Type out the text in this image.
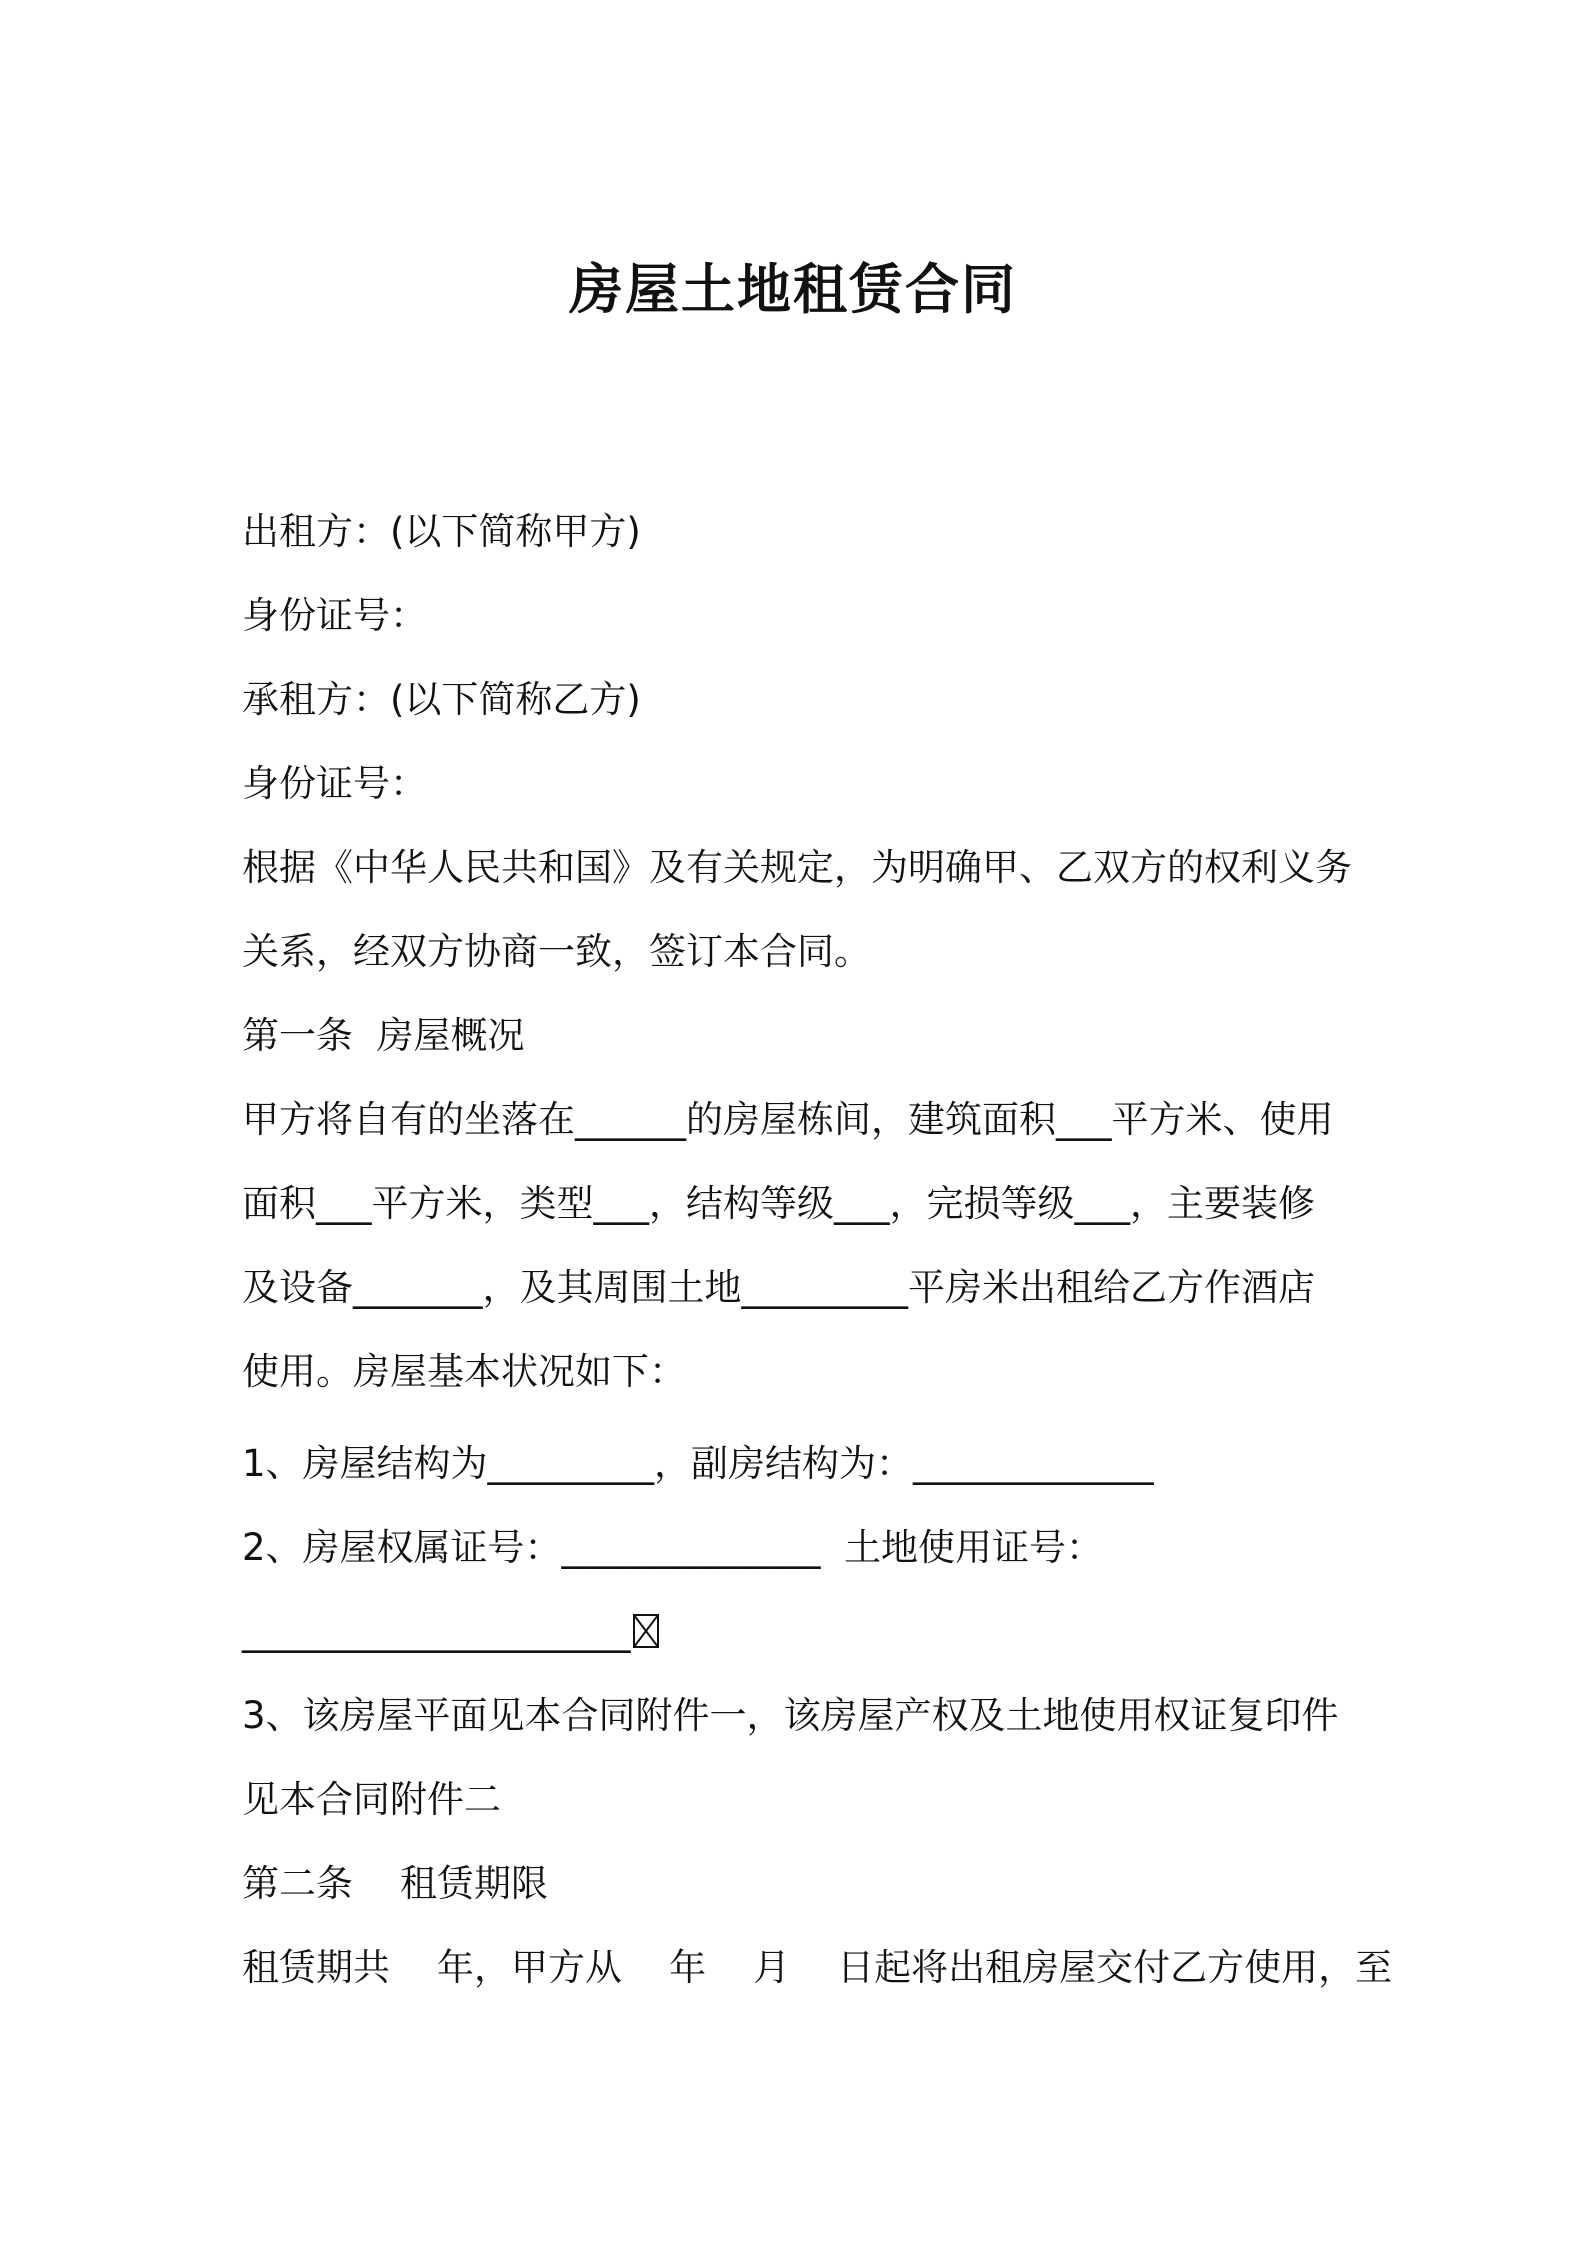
房屋土地租赁合同
出租方：(以下简称甲方)
身份证号：
承租方：(以下简称乙方)
身份证号：
根据《中华人民共和国》及有关规定，为明确甲、乙双方的权利义务
关系，经双方协商一致，签订本合同。
第一条  房屋概况
甲方将自有的坐落在______的房屋栋间，建筑面积___平方米、使用
面积___平方米，类型___，结构等级___，完损等级___，主要装修
及设备_______，及其周围土地_________平房米出租给乙方作酒店
使用。房屋基本状况如下：
1、房屋结构为_________，副房结构为：_____________
2、房屋权属证号：______________  土地使用证号：
_____________________
3、该房屋平面见本合同附件一，该房屋产权及土地使用权证复印件
见本合同附件二
第二条    租赁期限
租赁期共    年，甲方从    年    月    日起将出租房屋交付乙方使用，至
